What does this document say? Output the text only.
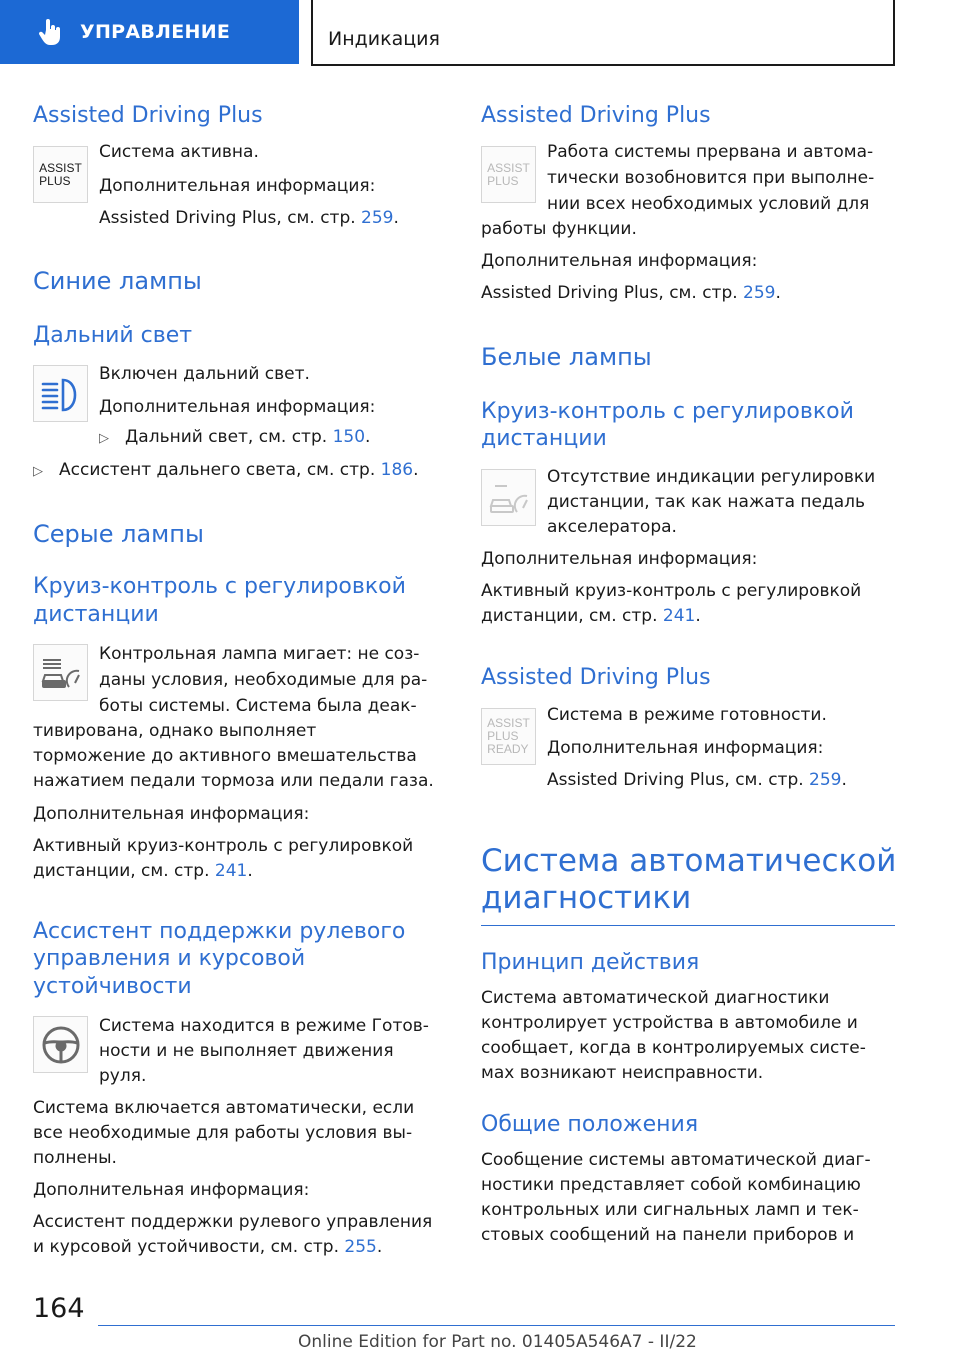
УПРАВЛЕНИЕ	Индикация
Assisted Driving Plus
ASSIST
PLUS

Система активна.

Дополнительная информация:

Assisted Driving Plus, см. стр. 259.

Синие лампы
Дальний свет

Включен дальний свет.

Дополнительная информация:

▷ Дальний свет, см. стр. 150.

▷ Ассистент дальнего света, см. стр. 186.

Серые лампы
Круиз-контроль с регулировкой
дистанции

Контрольная лампа мигает: не соз-

даны условия, необходимые для ра-

боты системы. Система была деак-

тивирована, однако выполняет

торможение до активного вмешательства

нажатием педали тормоза или педали газа.

Дополнительная информация:

Активный круиз-контроль с регулировкой

дистанции, см. стр. 241.

Ассистент поддержки рулевого
управления и курсовой
устойчивости

Система находится в режиме Готов-

ности и не выполняет движения

руля.

Система включается автоматически, если

все необходимые для работы условия вы-

полнены.

Дополнительная информация:

Ассистент поддержки рулевого управления

и курсовой устойчивости, см. стр. 255.

Assisted Driving Plus
ASSIST
PLUS

Работа системы прервана и автома-

тически возобновится при выполне-

нии всех необходимых условий для

работы функции.

Дополнительная информация:

Assisted Driving Plus, см. стр. 259.

Белые лампы
Круиз-контроль с регулировкой
дистанции

Отсутствие индикации регулировки

дистанции, так как нажата педаль

акселератора.

Дополнительная информация:

Активный круиз-контроль с регулировкой

дистанции, см. стр. 241.

Assisted Driving Plus
ASSIST
PLUS
READY

Система в режиме готовности.

Дополнительная информация:

Assisted Driving Plus, см. стр. 259.

Система автоматической
диагностики
Принцип действия

Система автоматической диагностики

контролирует устройства в автомобиле и

сообщает, когда в контролируемых систе-

мах возникают неисправности.

Общие положения

Сообщение системы автоматической диаг-

ностики представляет собой комбинацию

контрольных или сигнальных ламп и тек-

стовых сообщений на панели приборов и

164
Online Edition for Part no. 01405A546A7 - II/22
